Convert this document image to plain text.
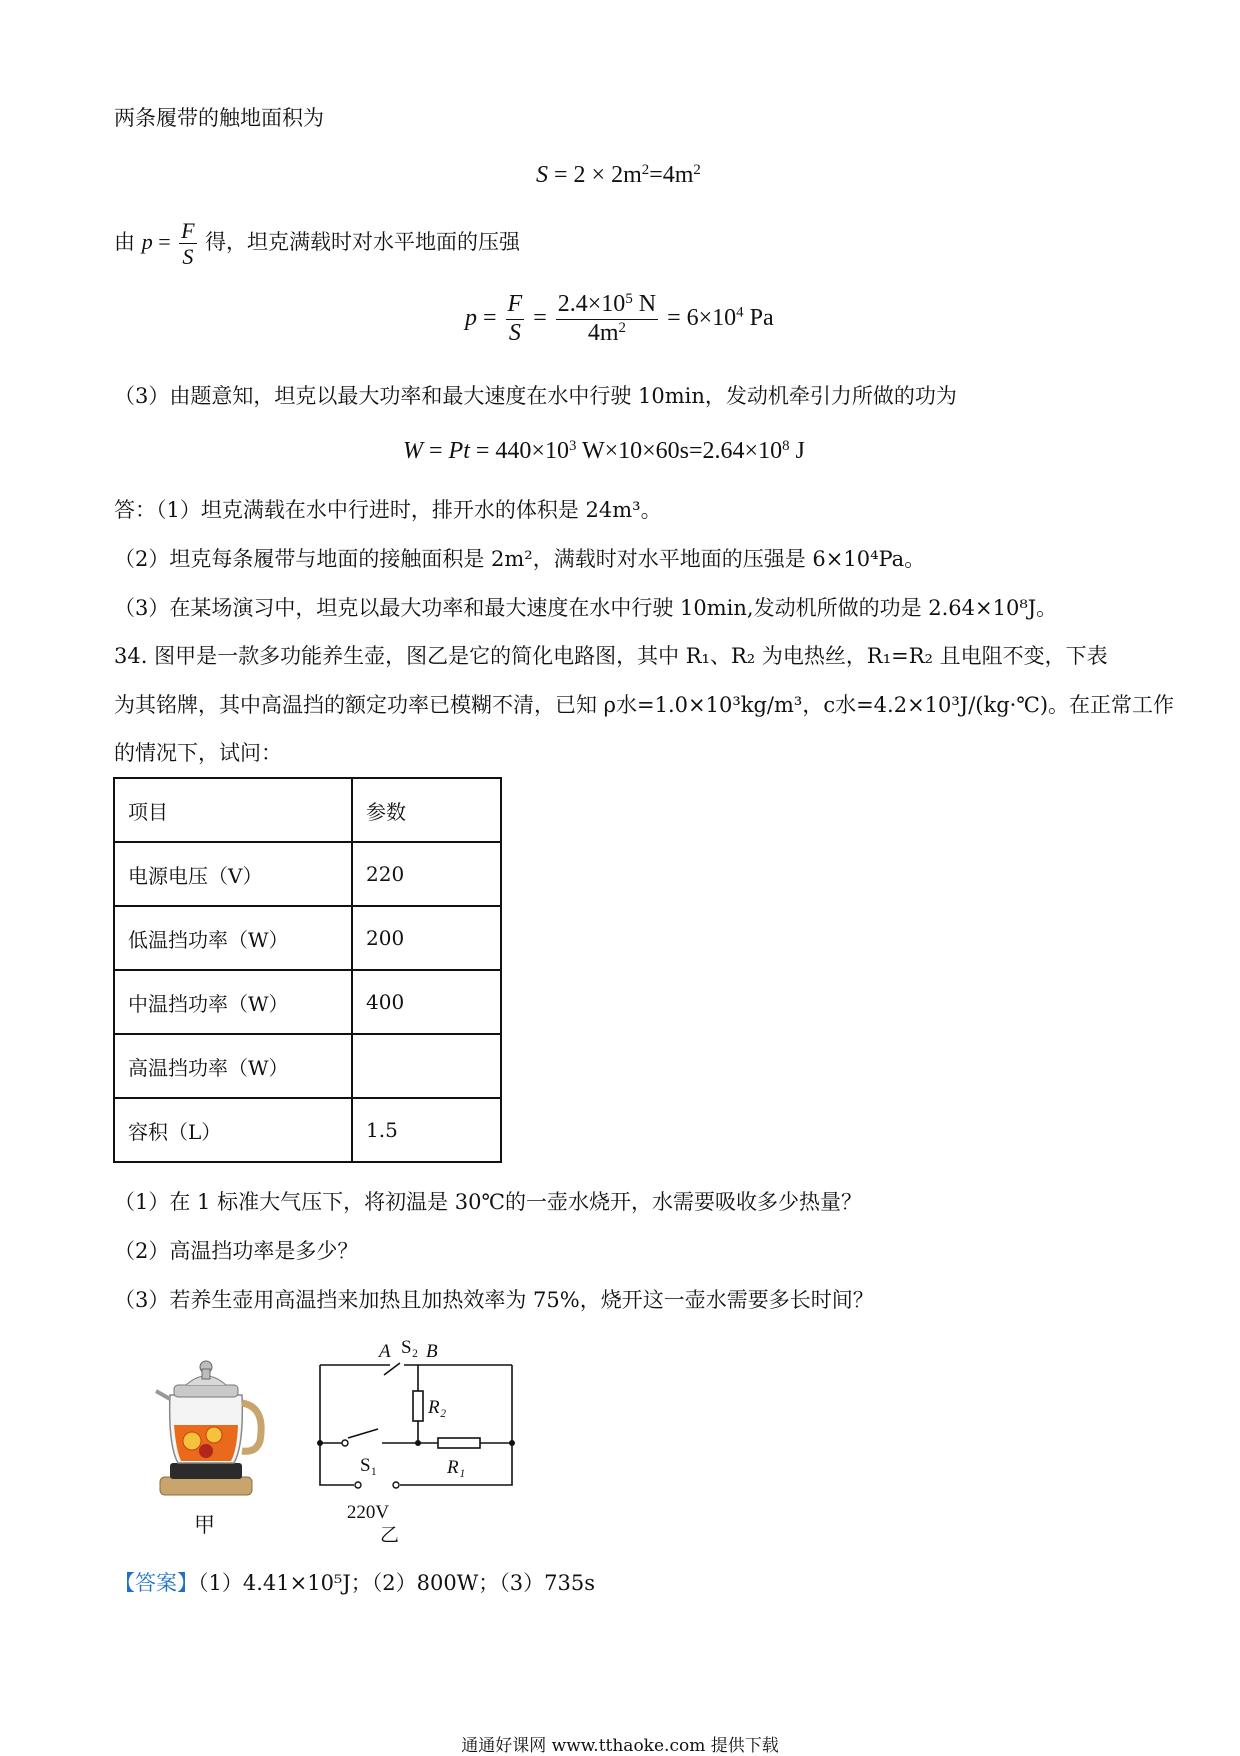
两条履带的触地面积为
$S = 2 \times 2m^2=4m^2$
由 $p = \frac{F}{S}$ 得，坦克满载时对水平地面的压强
$p = \frac{F}{S} = \frac{2.4\times 10^5 N}{4m^2} = 6\times 10^4$ Pa
（3）由题意知，坦克以最大功率和最大速度在水中行驶 10min，发动机牵引力所做的功为
$W = Pt = 440\times 10^3$ $W\times 10\times 60s=2.64\times 10^8$ J
答：（1）坦克满载在水中行进时，排开水的体积是 24m³。
（2）坦克每条履带与地面的接触面积是 2m²，满载时对水平地面的压强是 6×10⁴Pa。
（3）在某场演习中，坦克以最大功率和最大速度在水中行驶 10min,发动机所做的功是 2.64×10⁸J。
34. 图甲是一款多功能养生壶，图乙是它的简化电路图，其中 R₁、R₂ 为电热丝，R₁=R₂ 且电阻不变，下表
为其铭牌，其中高温挡的额定功率已模糊不清，已知 ρ水=1.0×10³kg/m³，c水=4.2×10³J/(kg·℃)。在正常工作
的情况下，试问：
项目	参数
电源电压（V）	220
低温挡功率（W）	200
中温挡功率（W）	400
高温挡功率（W）	
容积（L）	1.5
（1）在 1 标准大气压下，将初温是 30℃的一壶水烧开，水需要吸收多少热量？
（2）高温挡功率是多少？
（3）若养生壶用高温挡来加热且加热效率为 75%，烧开这一壶水需要多长时间？
甲
A S₂ B
R₂
R₁
S₁
220V
乙
【答案】（1）4.41×10⁵J；（2）800W；（3）735s
通通好课网 www.tthaoke.com 提供下载
